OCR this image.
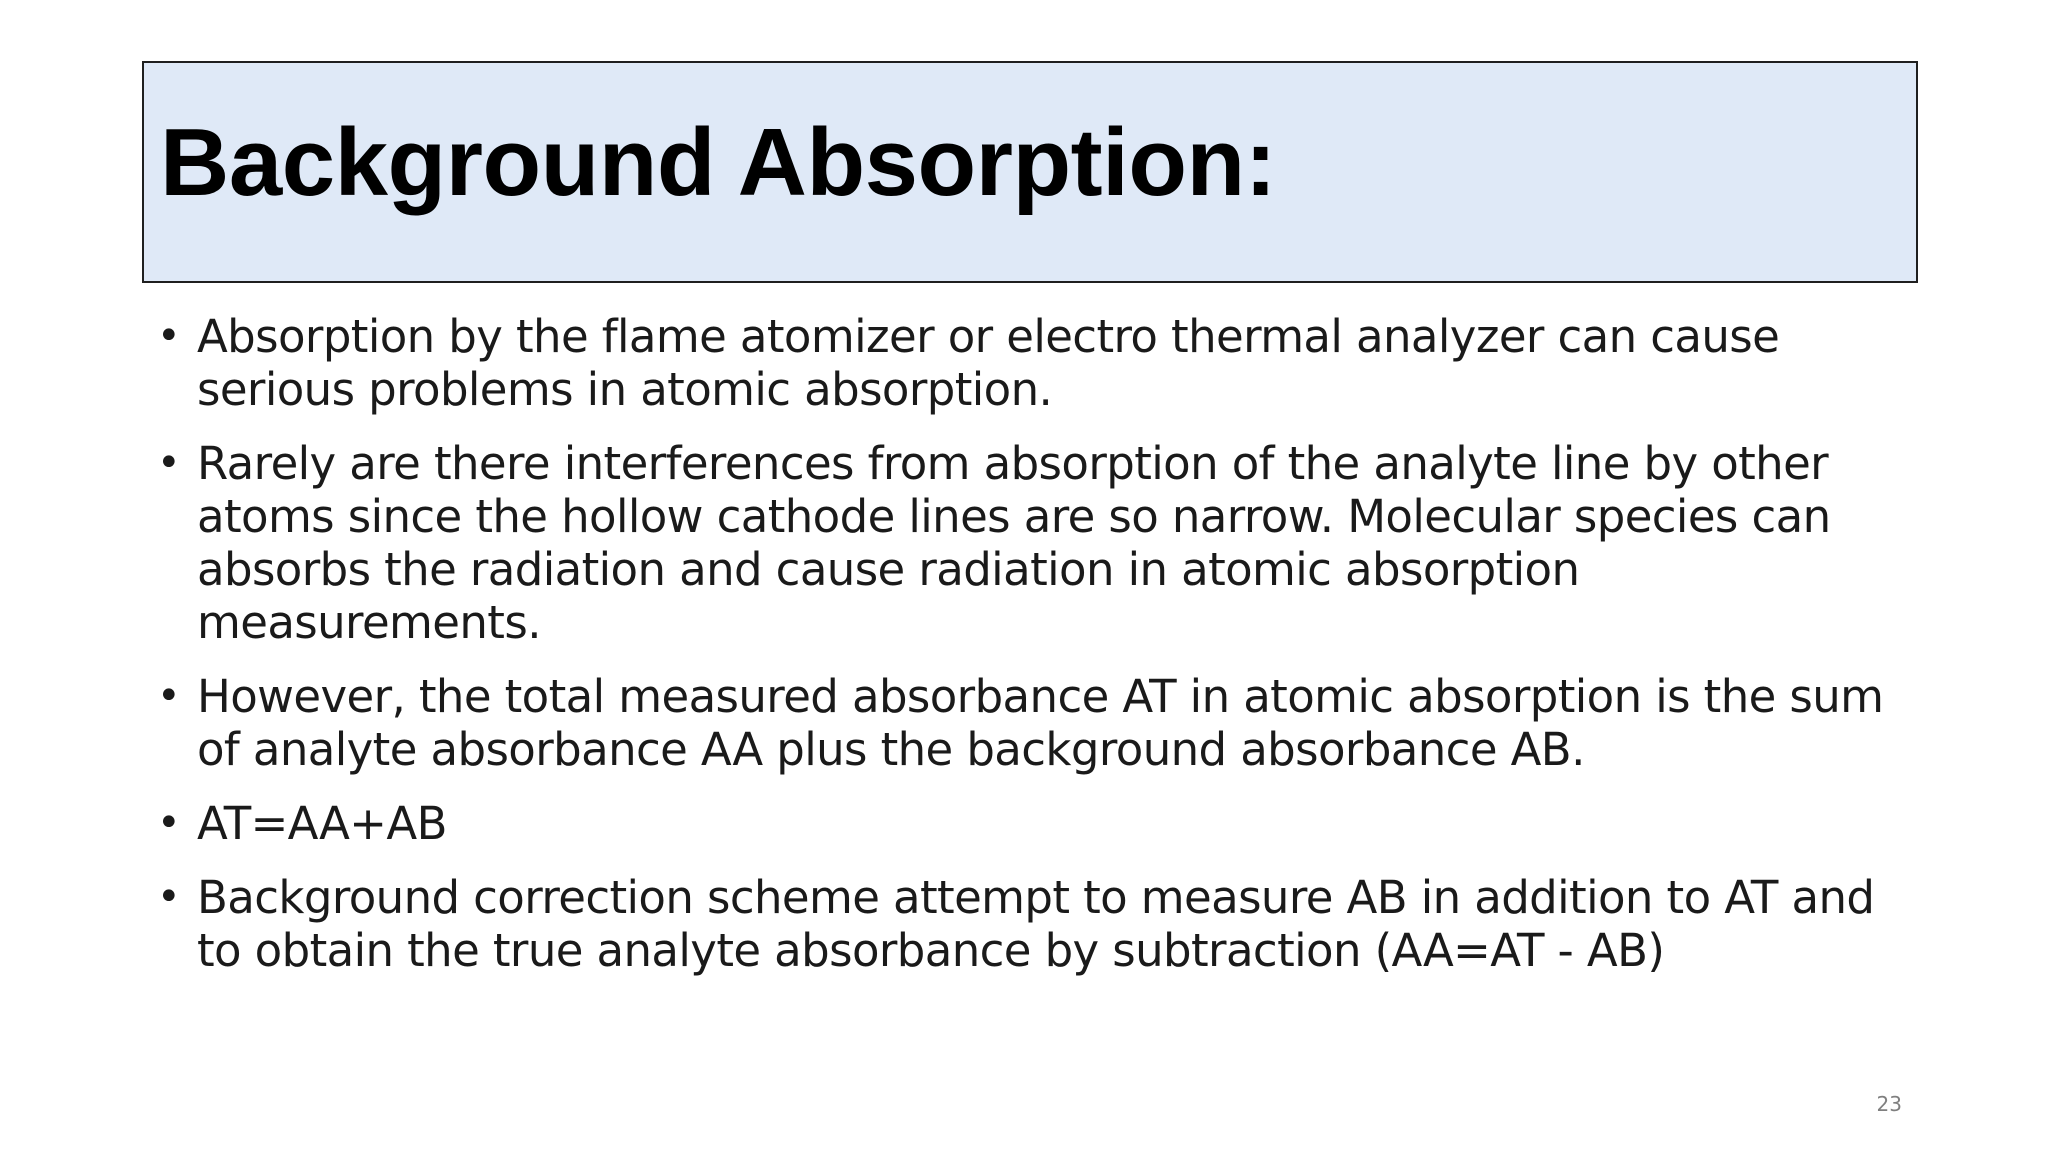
Background Absorption:
• Absorption by the flame atomizer or electro thermal analyzer can cause serious problems in atomic absorption.
• Rarely are there interferences from absorption of the analyte line by other atoms since the hollow cathode lines are so narrow. Molecular species can absorbs the radiation and cause radiation in atomic absorption measurements.
• However, the total measured absorbance AT in atomic absorption is the sum of analyte absorbance AA plus the background absorbance AB.
• AT=AA+AB
• Background correction scheme attempt to measure AB in addition to AT and to obtain the true analyte absorbance by subtraction (AA=AT - AB)
23
